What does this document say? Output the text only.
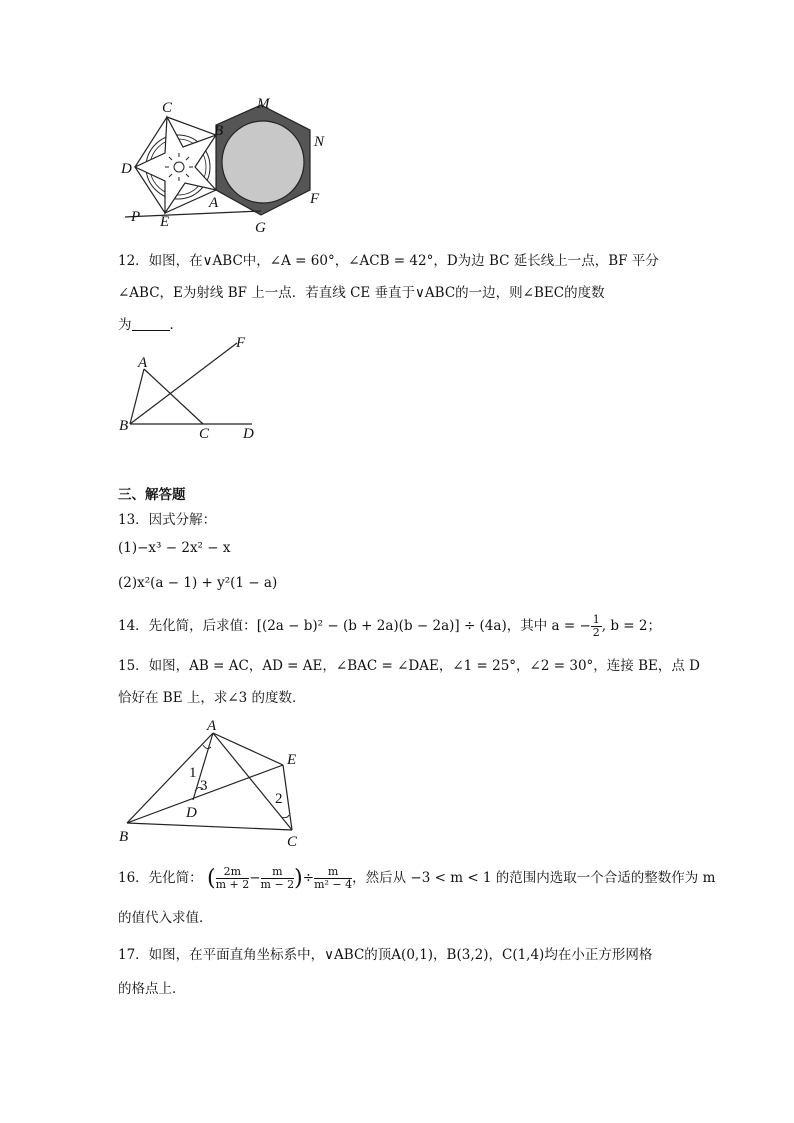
C
D
B
A
M
N
F
G
P E
12．如图，在∨ABC中，∠A = 60°，∠ACB = 42°，D为边 BC 延长线上一点，BF 平分
∠ABC，E为射线 BF 上一点．若直线 CE 垂直于∨ABC的一边，则∠BEC的度数
为	．
A
B	C D
F
三、解答题
13．因式分解：
(1)−x³ − 2x² − x
(2)x²(a − 1) + y²(1 − a)
14．先化简，后求值：[(2a − b)² − (b + 2a)(b − 2a)] ÷ (4a)，其中 a = − $\frac{1}{2}$ , b = 2；
15．如图，AB = AC，AD = AE，∠BAC = ∠DAE，∠1 = 25°，∠2 = 30°，连接 BE，点 D
恰好在 BE 上，求∠3 的度数．
A
B	C
D
E
1
2
3
16．先化简： ( $\frac{2m}{m + 2} - \frac{m}{m - 2}$ )÷ $\frac{m}{\text{m² − 4}}$ ，然后从 −3 < m < 1 的范围内选取一个合适的整数作为 m
的值代入求值．
17．如图，在平面直角坐标系中，∨ABC的顶A(0,1)，B(3,2)，C(1,4)均在小正方形网格
的格点上．
